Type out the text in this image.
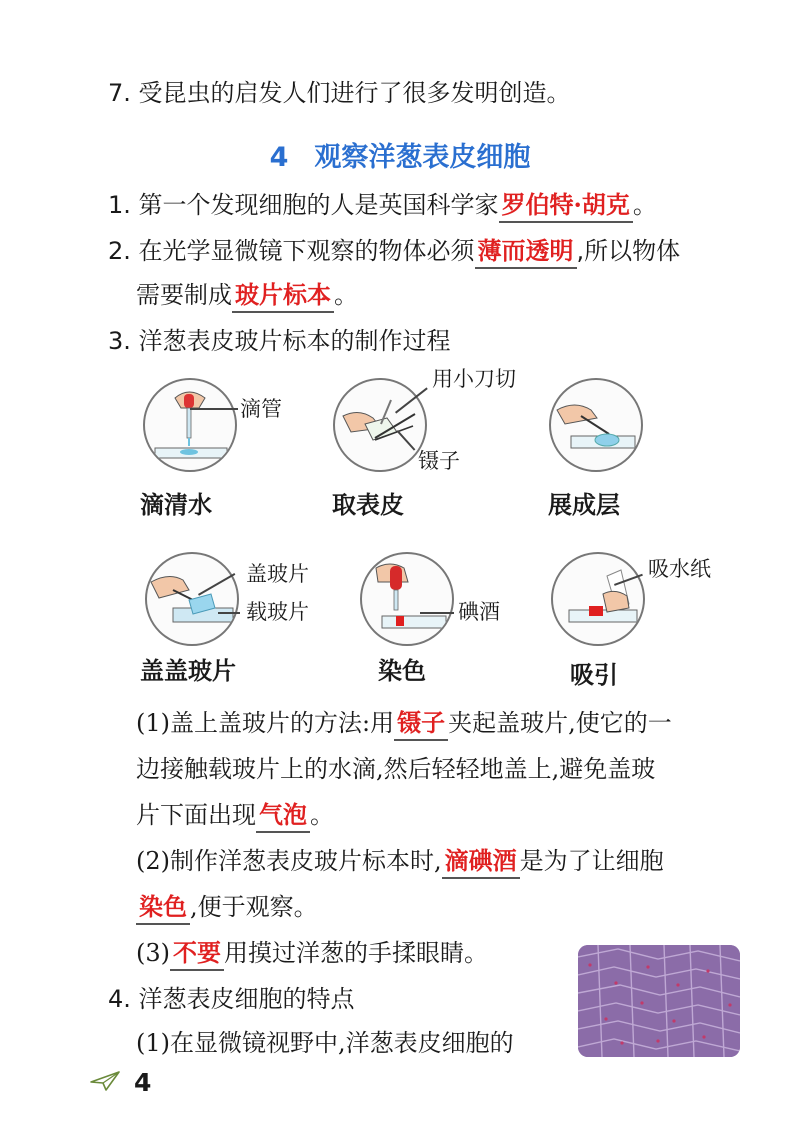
7. 受昆虫的启发人们进行了很多发明创造。
4 观察洋葱表皮细胞
1. 第一个发现细胞的人是英国科学家 罗伯特·胡克 。
2. 在光学显微镜下观察的物体必须 薄而透明 ,所以物体
需要制成 玻片标本 。
3. 洋葱表皮玻片标本的制作过程
滴管
滴清水
用小刀切
镊子
取表皮	展成层
盖玻片
载玻片
盖盖玻片
碘酒
染色
吸水纸
吸引
(1)盖上盖玻片的方法:用 镊子 夹起盖玻片,使它的一
边接触载玻片上的水滴,然后轻轻地盖上,避免盖玻
片下面出现 气泡 。
(2)制作洋葱表皮玻片标本时, 滴碘酒 是为了让细胞
染色 ,便于观察。
(3) 不要 用摸过洋葱的手揉眼睛。
4. 洋葱表皮细胞的特点
(1)在显微镜视野中,洋葱表皮细胞的
4
